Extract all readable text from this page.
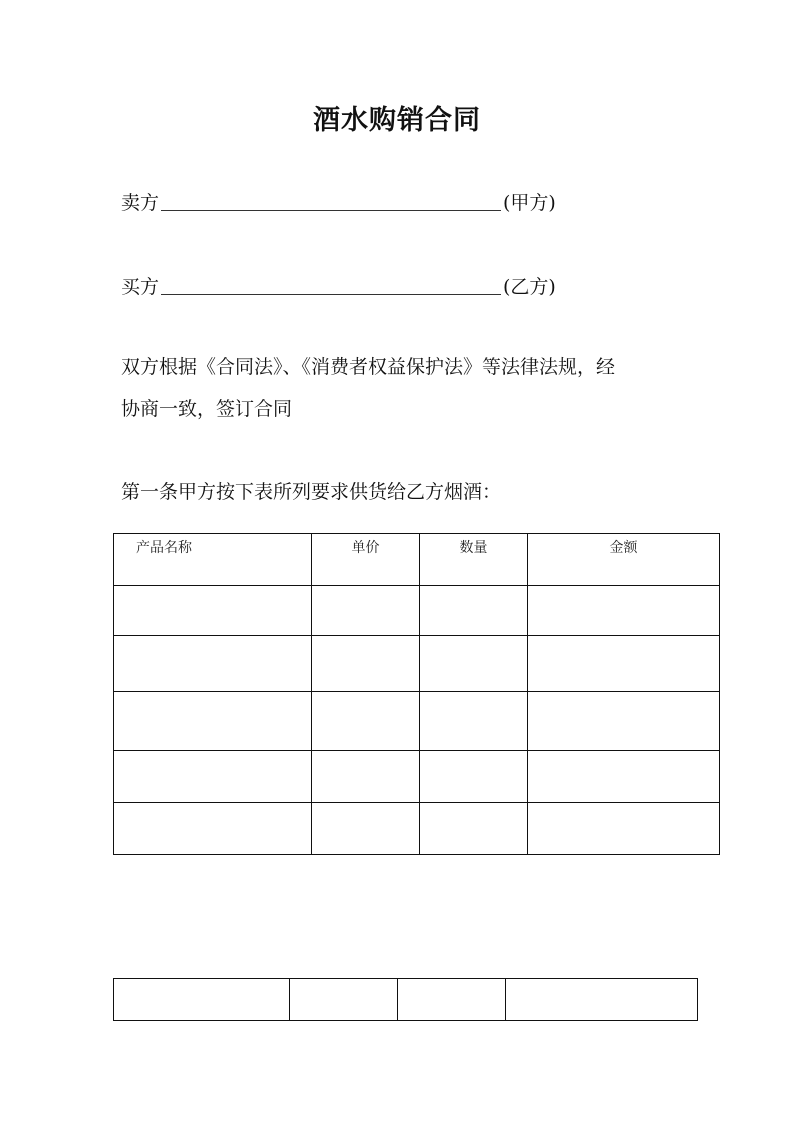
酒水购销合同
卖方	(甲方)
买方	(乙方)
双方根据《合同法》、《消费者权益保护法》等法律法规，经
协商一致，签订合同
第一条甲方按下表所列要求供货给乙方烟酒：
产品名称	单价	数量	金额
